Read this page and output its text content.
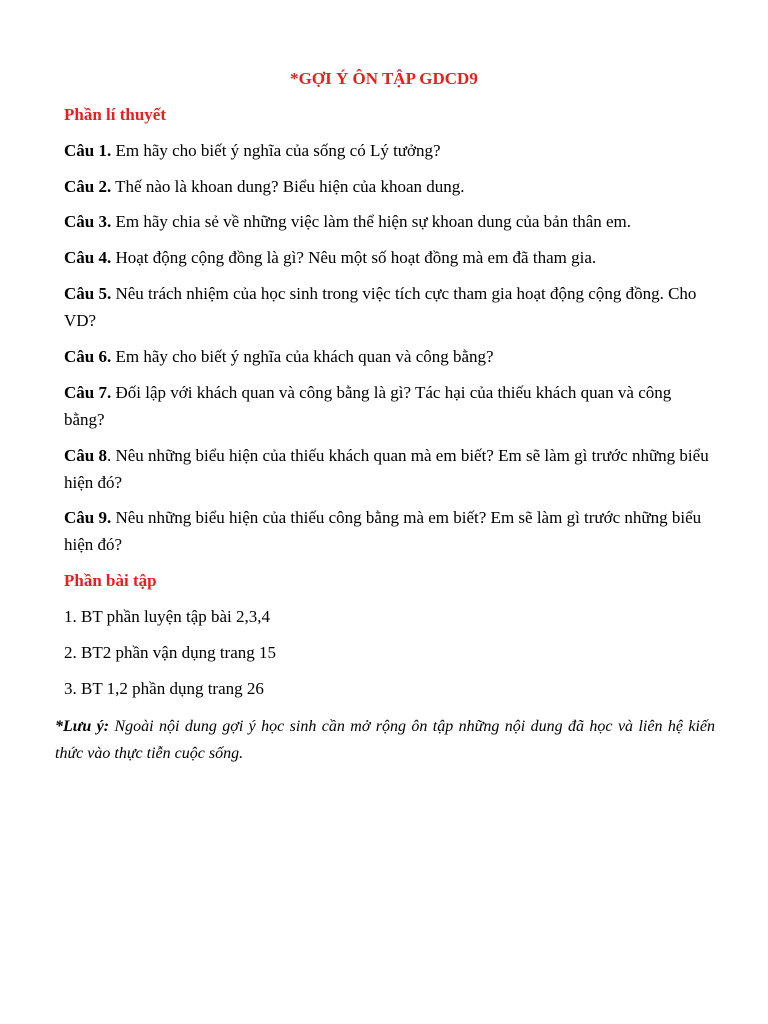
*GỢI Ý ÔN TẬP GDCD9
Phần lí thuyết
Câu 1. Em hãy cho biết ý nghĩa của sống có Lý tưởng?
Câu 2. Thế nào là khoan dung? Biểu hiện của khoan dung.
Câu 3. Em hãy chia sẻ về những việc làm thể hiện sự khoan dung của bản thân em.
Câu 4. Hoạt động cộng đồng là gì? Nêu một số hoạt đồng mà em đã tham gia.
Câu 5. Nêu trách nhiệm của học sinh trong việc tích cực tham gia hoạt động cộng đồng. Cho VD?
Câu 6. Em hãy cho biết ý nghĩa của khách quan và công bằng?
Câu 7. Đối lập với khách quan và công bằng là gì? Tác hại của thiếu khách quan và công bằng?
Câu 8. Nêu những biểu hiện của thiếu khách quan mà em biết? Em sẽ làm gì trước những biểu hiện đó?
Câu 9. Nêu những biểu hiện của thiếu công bằng mà em biết? Em sẽ làm gì trước những biểu hiện đó?
Phần bài tập
1. BT phần luyện tập bài 2,3,4
2. BT2 phần vận dụng trang 15
3. BT 1,2 phần dụng trang 26
*Lưu ý: Ngoài nội dung gợi ý học sinh cần mở rộng ôn tập những nội dung đã học và liên hệ kiến thức vào thực tiễn cuộc sống.
